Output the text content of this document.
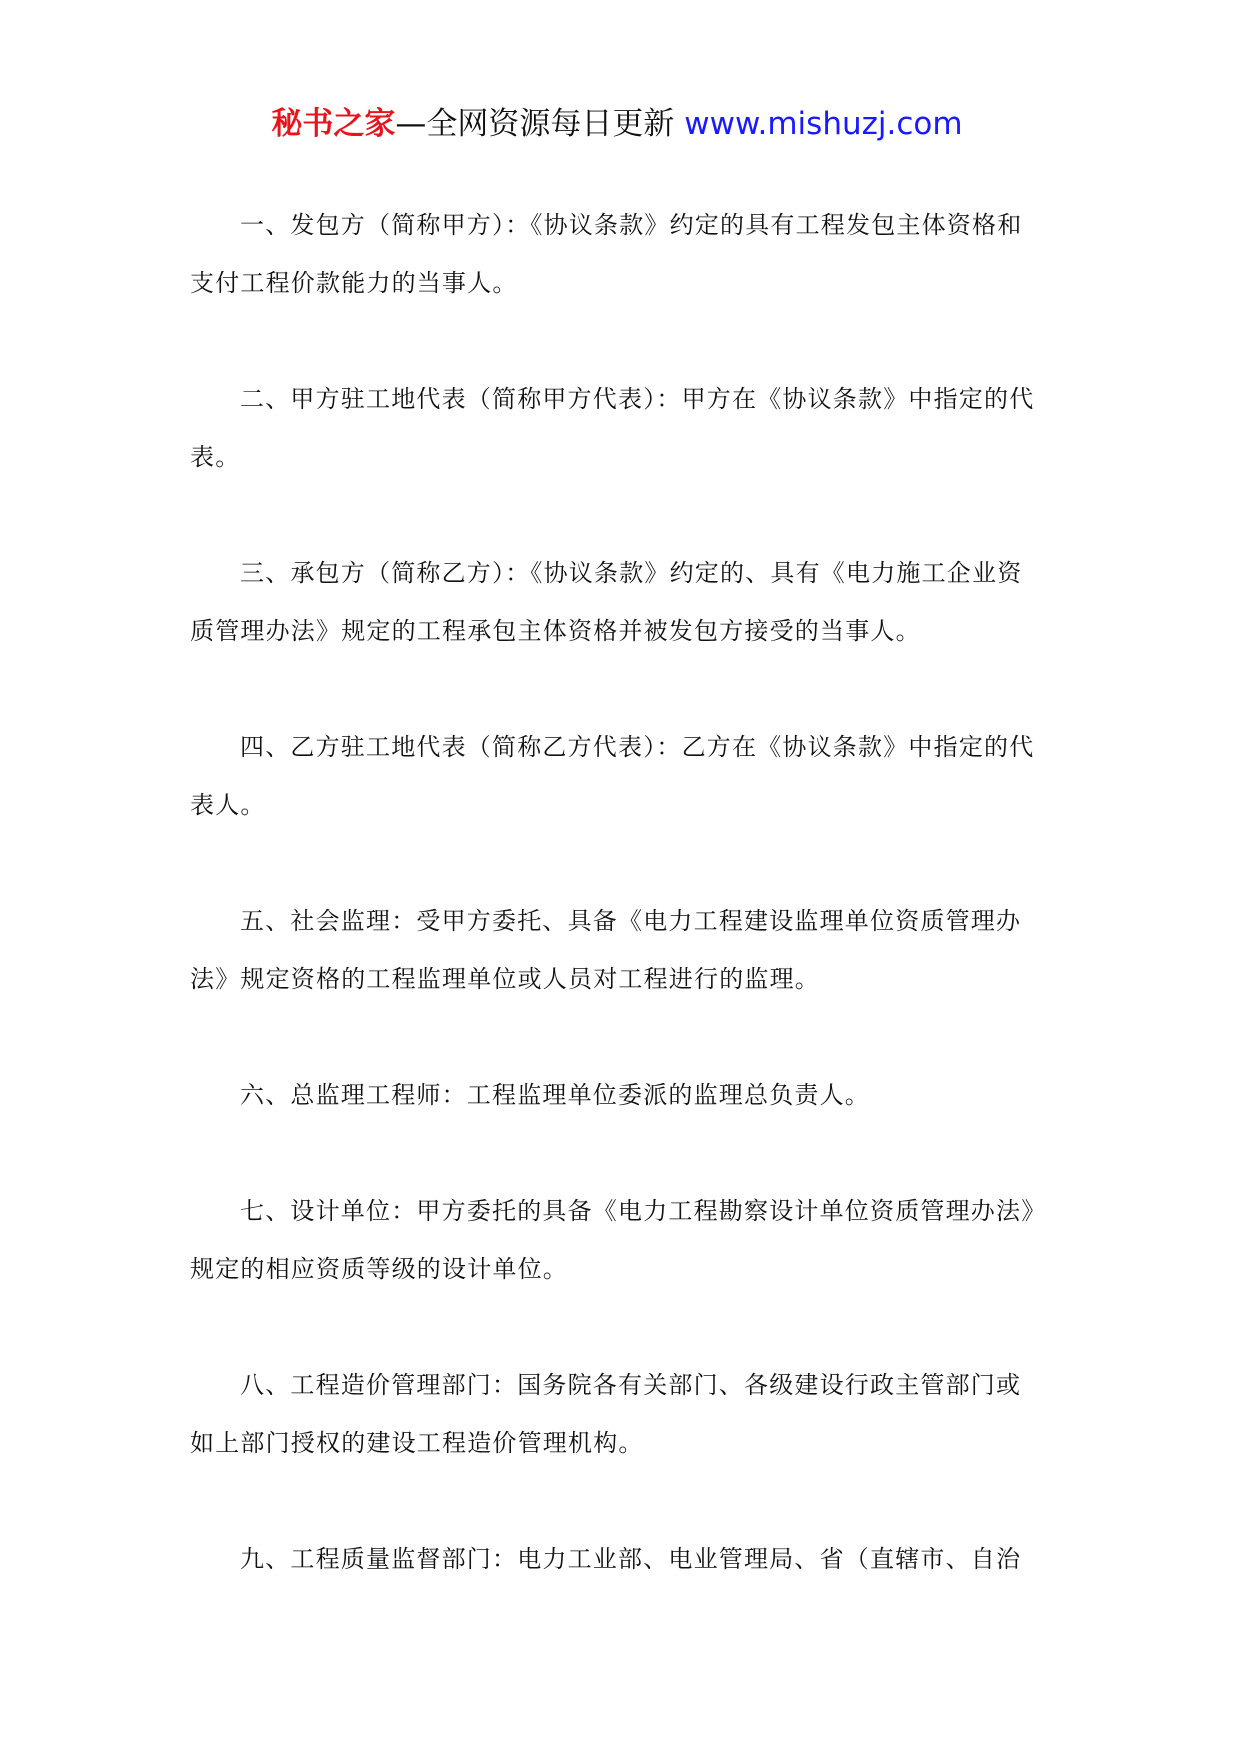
秘书之家—全网资源每日更新 www.mishuzj.com

一、发包方（简称甲方）：《协议条款》约定的具有工程发包主体资格和支付工程价款能力的当事人。

二、甲方驻工地代表（简称甲方代表）：甲方在《协议条款》中指定的代表。

三、承包方（简称乙方）：《协议条款》约定的、具有《电力施工企业资质管理办法》规定的工程承包主体资格并被发包方接受的当事人。

四、乙方驻工地代表（简称乙方代表）：乙方在《协议条款》中指定的代表人。

五、社会监理：受甲方委托、具备《电力工程建设监理单位资质管理办法》规定资格的工程监理单位或人员对工程进行的监理。

六、总监理工程师：工程监理单位委派的监理总负责人。

七、设计单位：甲方委托的具备《电力工程勘察设计单位资质管理办法》规定的相应资质等级的设计单位。

八、工程造价管理部门：国务院各有关部门、各级建设行政主管部门或如上部门授权的建设工程造价管理机构。

九、工程质量监督部门：电力工业部、电业管理局、省（直辖市、自治
